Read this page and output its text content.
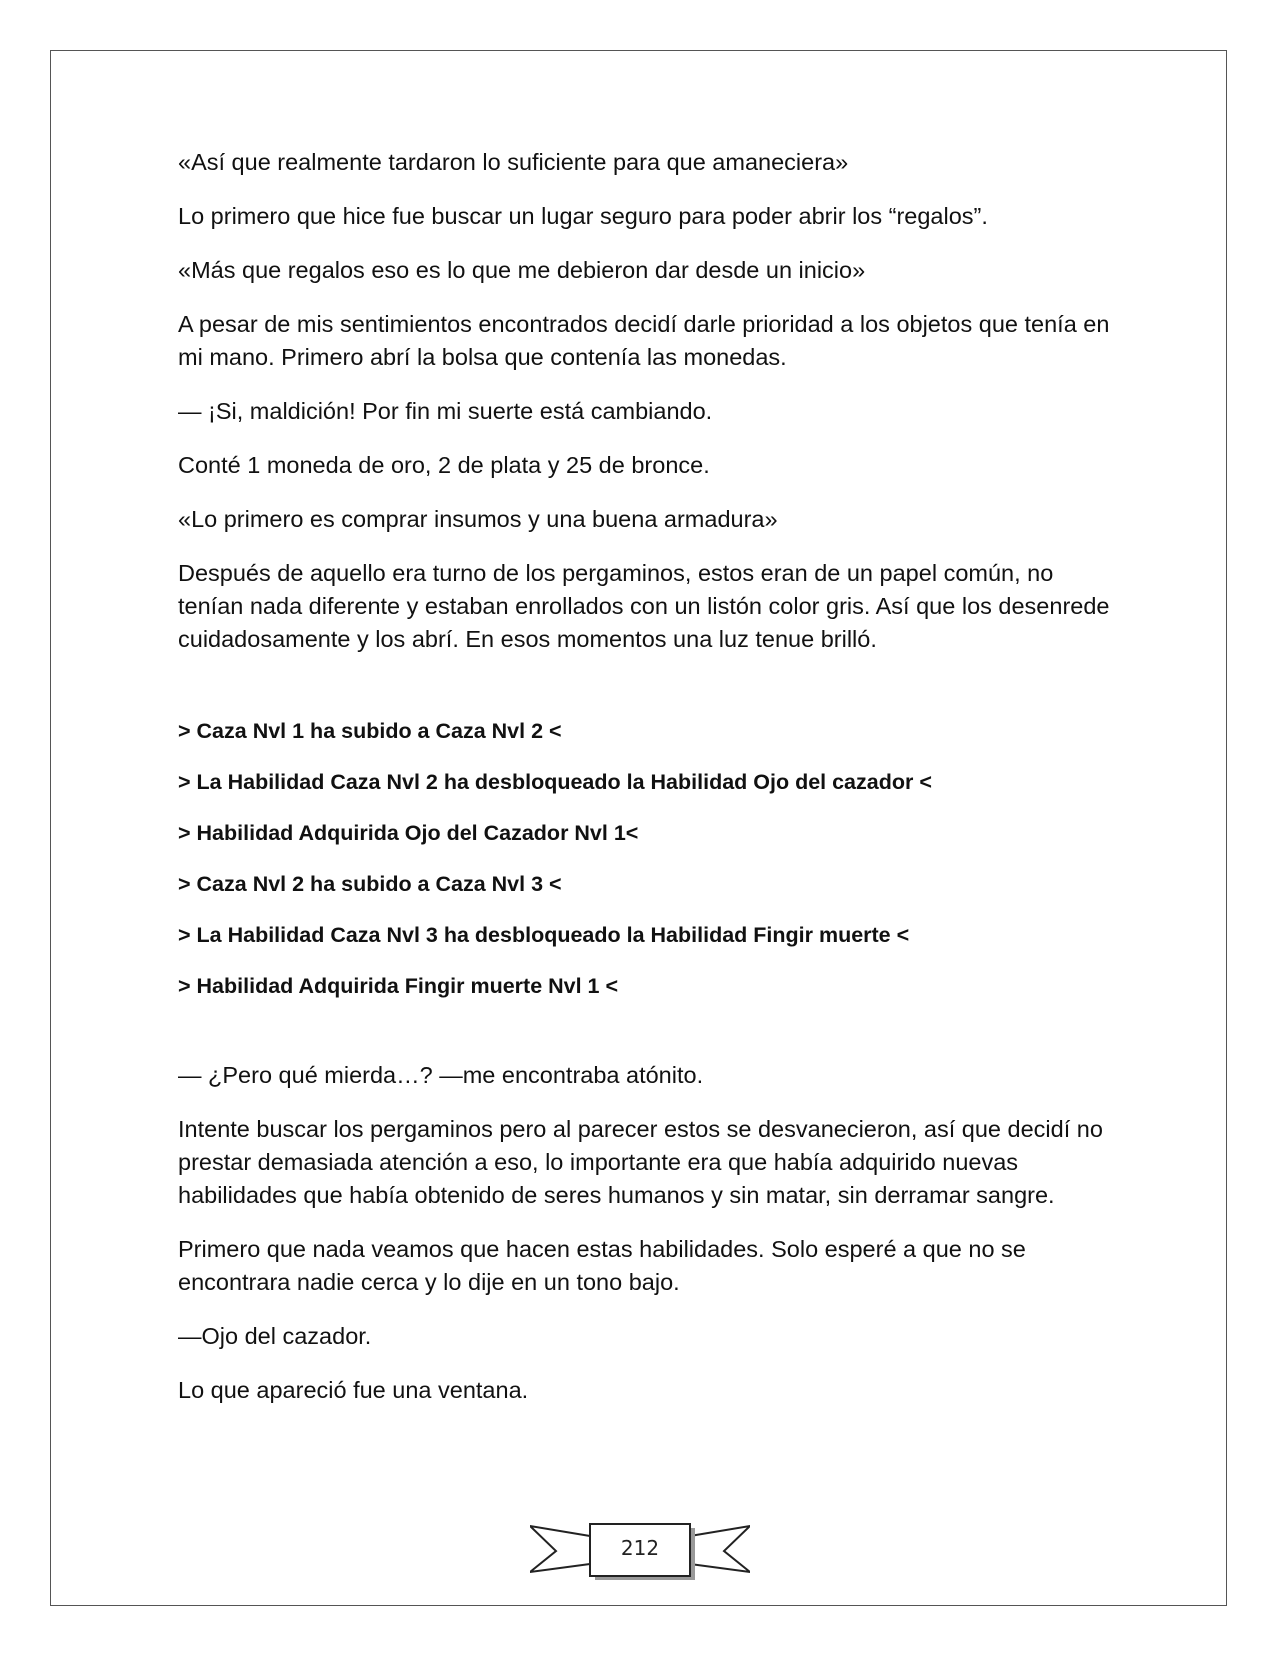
«Así que realmente tardaron lo suficiente para que amaneciera»

Lo primero que hice fue buscar un lugar seguro para poder abrir los “regalos”.

«Más que regalos eso es lo que me debieron dar desde un inicio»

A pesar de mis sentimientos encontrados decidí darle prioridad a los objetos que tenía en mi mano. Primero abrí la bolsa que contenía las monedas.

— ¡Si, maldición! Por fin mi suerte está cambiando.

Conté 1 moneda de oro, 2 de plata y 25 de bronce.

«Lo primero es comprar insumos y una buena armadura»

Después de aquello era turno de los pergaminos, estos eran de un papel común, no tenían nada diferente y estaban enrollados con un listón color gris. Así que los desenrede cuidadosamente y los abrí. En esos momentos una luz tenue brilló.

> Caza Nvl 1 ha subido a Caza Nvl 2 <

> La Habilidad Caza Nvl 2 ha desbloqueado la Habilidad Ojo del cazador <

> Habilidad Adquirida Ojo del Cazador Nvl 1<

> Caza Nvl 2 ha subido a Caza Nvl 3 <

> La Habilidad Caza Nvl 3 ha desbloqueado la Habilidad Fingir muerte <

> Habilidad Adquirida Fingir muerte Nvl 1 <

— ¿Pero qué mierda…? —me encontraba atónito.

Intente buscar los pergaminos pero al parecer estos se desvanecieron, así que decidí no prestar demasiada atención a eso, lo importante era que había adquirido nuevas habilidades que había obtenido de seres humanos y sin matar, sin derramar sangre.

Primero que nada veamos que hacen estas habilidades. Solo esperé a que no se encontrara nadie cerca y lo dije en un tono bajo.

—Ojo del cazador.

Lo que apareció fue una ventana.

212
